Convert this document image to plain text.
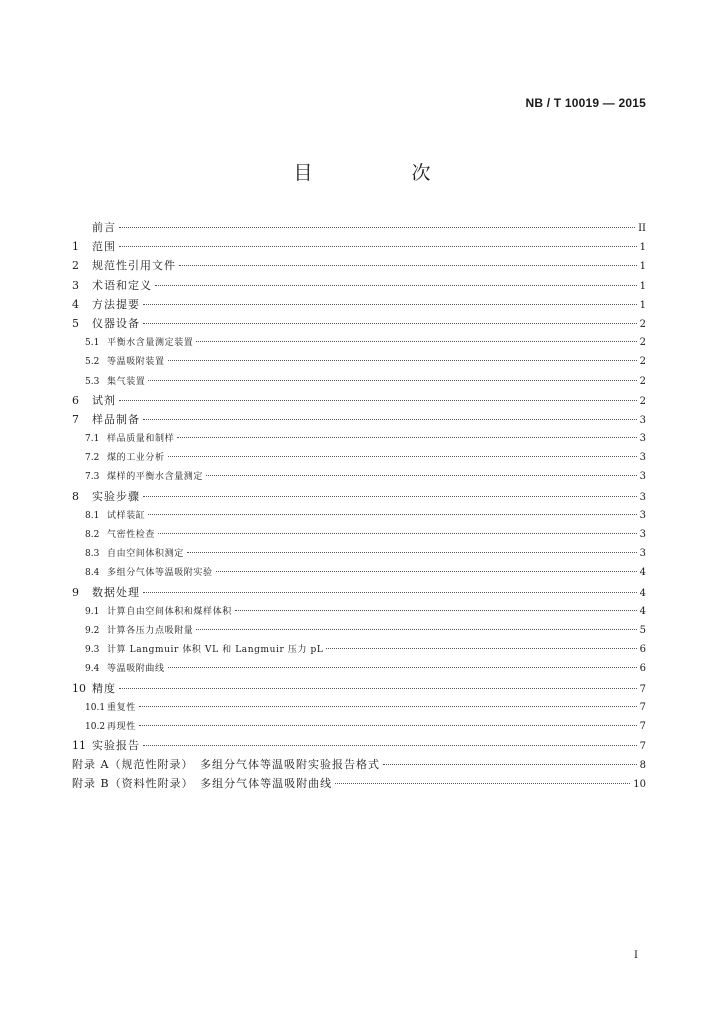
NB / T 10019 — 2015
目　次
前言	II
1	范围	1
2	规范性引用文件	1
3	术语和定义	1
4	方法提要	1
5	仪器设备	2
5.1 平衡水含量测定装置	2
5.2 等温吸附装置	2
5.3 集气装置	2
6	试剂	2
7	样品制备	3
7.1 样品质量和制样	3
7.2 煤的工业分析	3
7.3 煤样的平衡水含量测定	3
8	实验步骤	3
8.1 试样装缸	3
8.2 气密性检查	3
8.3 自由空间体积测定	3
8.4 多组分气体等温吸附实验	4
9	数据处理	4
9.1 计算自由空间体积和煤样体积	4
9.2 计算各压力点吸附量	5
9.3 计算 Langmuir 体积 VL 和 Langmuir 压力 pL	6
9.4 等温吸附曲线	6
10 精度	7
10.1 重复性	7
10.2 再现性	7
11 实验报告	7
附录 A（规范性附录）　多组分气体等温吸附实验报告格式	8
附录 B（资料性附录）　多组分气体等温吸附曲线	10
I
